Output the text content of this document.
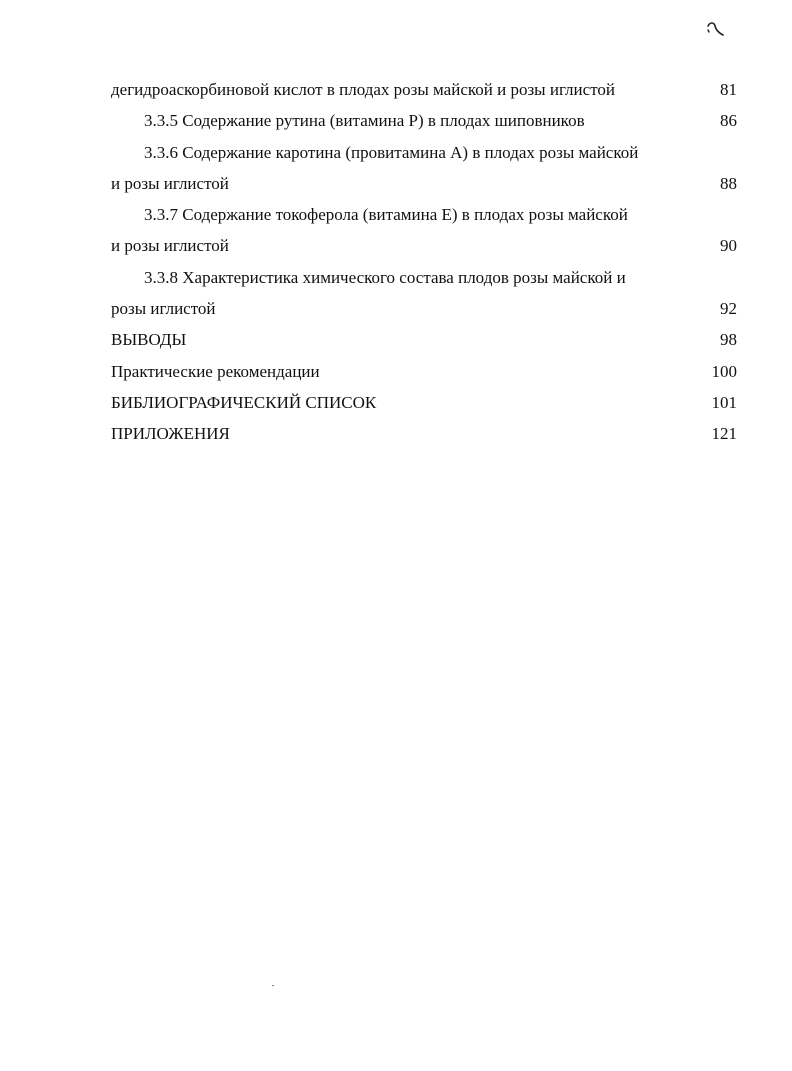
дегидроаскорбиновой кислот в плодах розы майской и розы иглистой	81
3.3.5 Содержание рутина (витамина Р) в плодах шиповников	86
3.3.6 Содержание каротина (провитамина А) в плодах розы майской
и розы иглистой	88
3.3.7 Содержание токоферола (витамина Е) в плодах розы майской
и розы иглистой	90
3.3.8 Характеристика химического состава плодов розы майской и
розы иглистой	92
ВЫВОДЫ	98
Практические рекомендации	100
БИБЛИОГРАФИЧЕСКИЙ СПИСОК	101
ПРИЛОЖЕНИЯ	121
